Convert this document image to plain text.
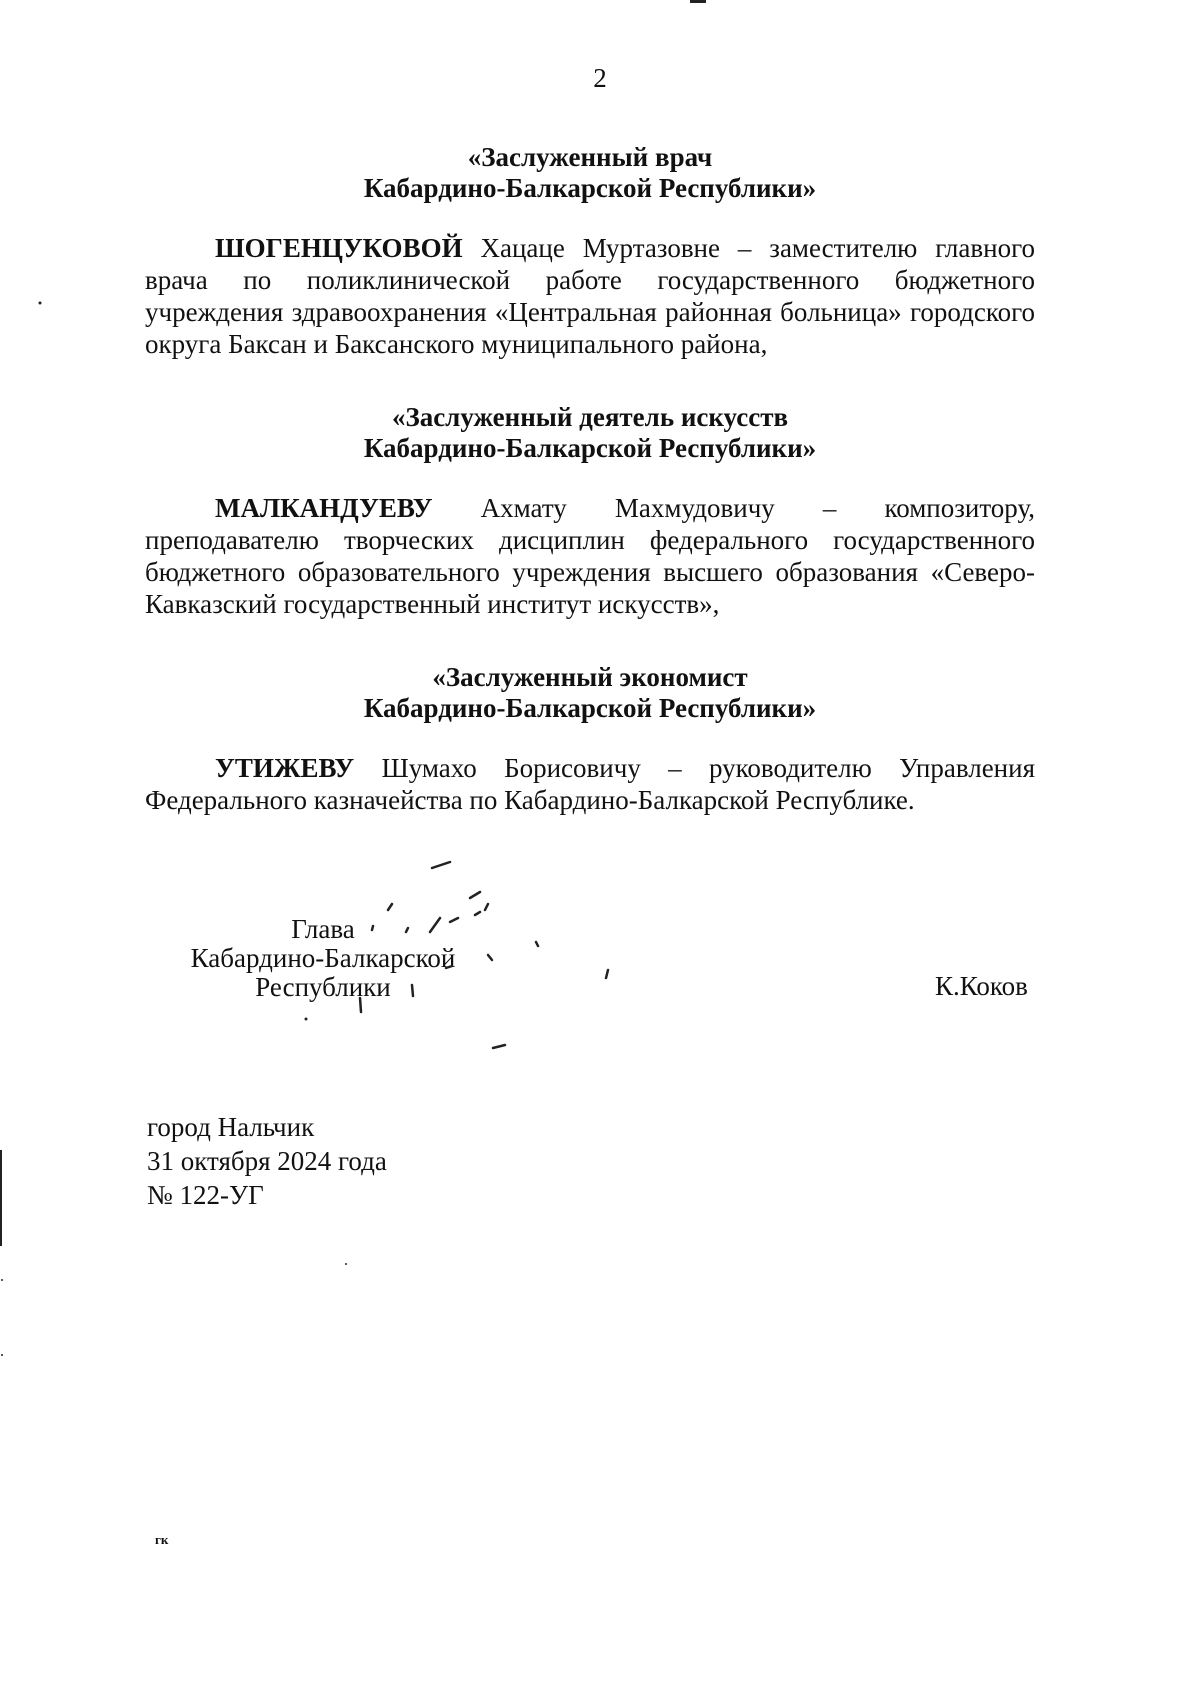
2
«Заслуженный врач
Кабардино-Балкарской Республики»
ШОГЕНЦУКОВОЙ Хацаце Муртазовне – заместителю главного врача по поликлинической работе государственного бюджетного учреждения здравоохранения «Центральная районная больница» городского округа Баксан и Баксанского муниципального района,
«Заслуженный деятель искусств
Кабардино-Балкарской Республики»
МАЛКАНДУЕВУ Ахмату Махмудовичу – композитору, преподавателю творческих дисциплин федерального государственного бюджетного образовательного учреждения высшего образования «Северо-Кавказский государственный институт искусств»,
«Заслуженный экономист
Кабардино-Балкарской Республики»
УТИЖЕВУ Шумахо Борисовичу – руководителю Управления Федерального казначейства по Кабардино-Балкарской Республике.
Глава
Кабардино-Балкарской
Республики	К.Коков
город Нальчик
31 октября 2024 года
№ 122-УГ
гк
